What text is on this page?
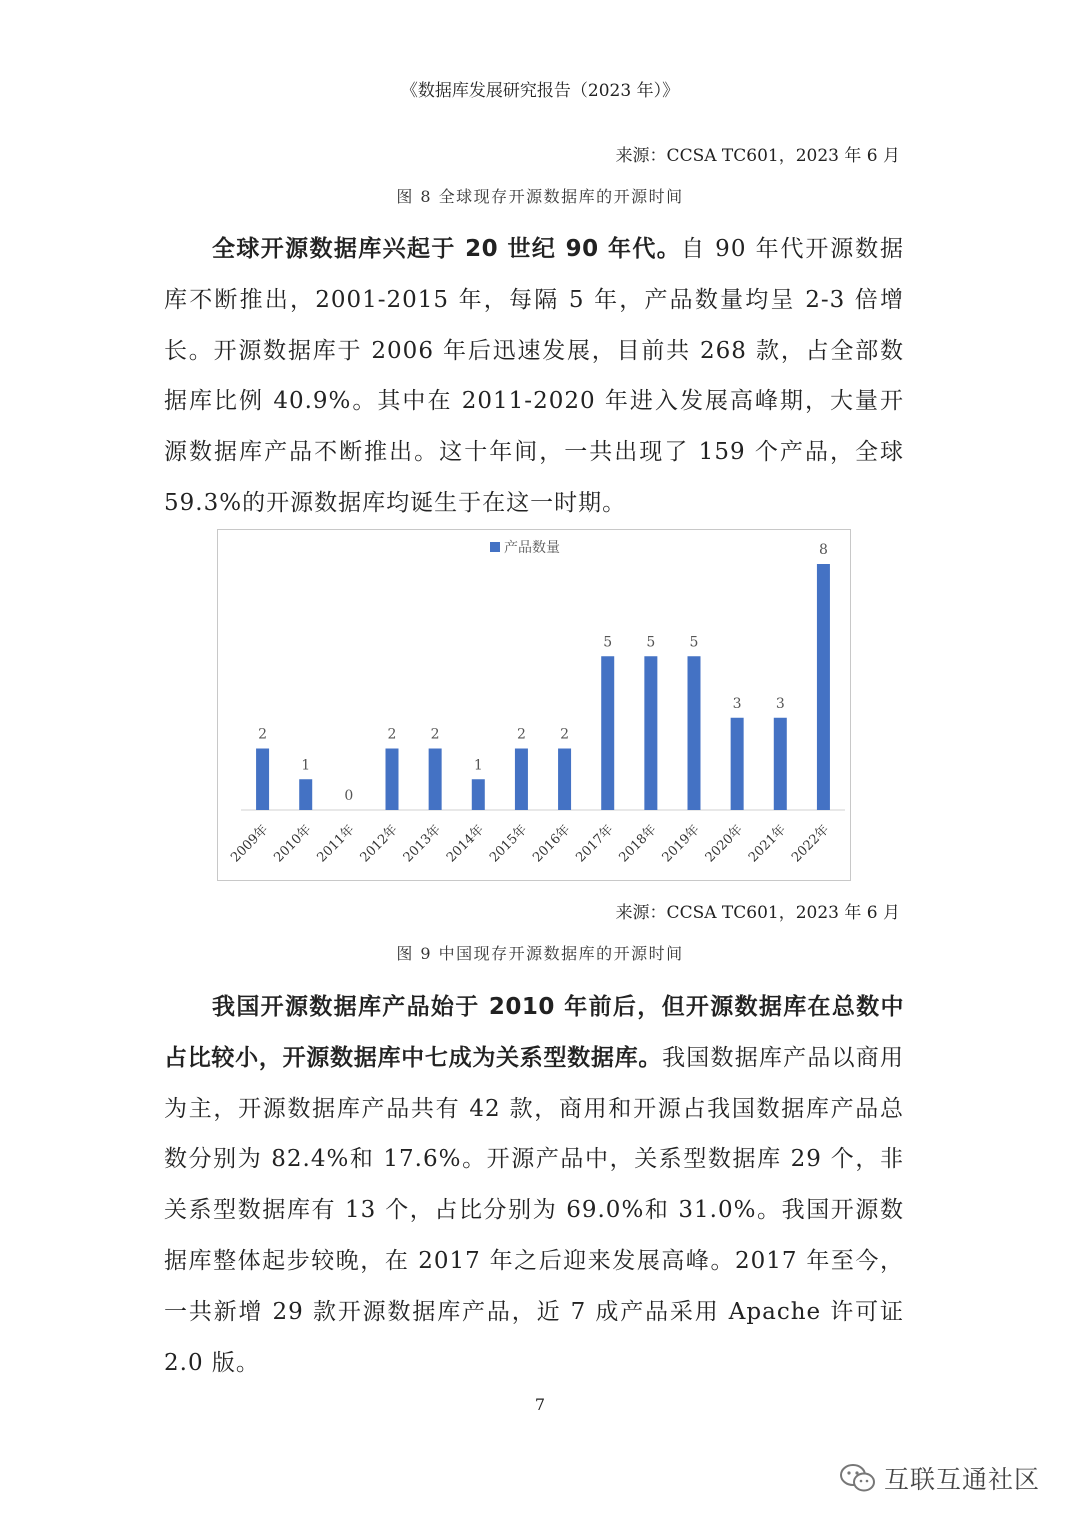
《数据库发展研究报告（2023 年）》
来源：CCSA TC601，2023 年 6 月
图 8 全球现存开源数据库的开源时间
全球开源数据库兴起于 20 世纪 90 年代。自 90 年代开源数据库不断推出，2001-2015 年，每隔 5 年，产品数量均呈 2-3 倍增长。开源数据库于 2006 年后迅速发展，目前共 268 款，占全部数据库比例 40.9%。其中在 2011-2020 年进入发展高峰期，大量开源数据库产品不断推出。这十年间，一共出现了 159 个产品，全球 59.3%的开源数据库均诞生于在这一时期。
产品数量
2
2009年
1
2010年
0
2011年
2
2012年
2
2013年
1
2014年
2
2015年
2
2016年
5
2017年
5
2018年
5
2019年
3
2020年
3
2021年
8
2022年
来源：CCSA TC601，2023 年 6 月
图 9 中国现存开源数据库的开源时间
我国开源数据库产品始于 2010 年前后，但开源数据库在总数中占比较小，开源数据库中七成为关系型数据库。我国数据库产品以商用为主，开源数据库产品共有 42 款，商用和开源占我国数据库产品总数分别为 82.4%和 17.6%。开源产品中，关系型数据库 29 个，非关系型数据库有 13 个，占比分别为 69.0%和 31.0%。我国开源数据库整体起步较晚，在 2017 年之后迎来发展高峰。2017 年至今，一共新增 29 款开源数据库产品，近 7 成产品采用 Apache 许可证 2.0 版。
7
互联互通社区
